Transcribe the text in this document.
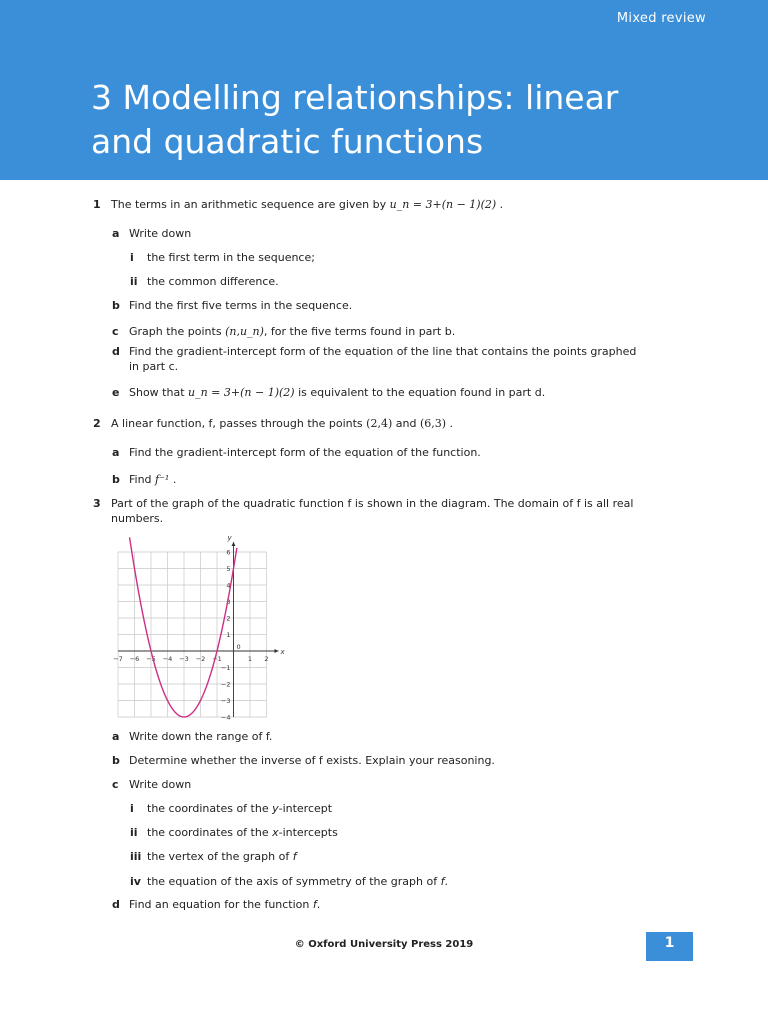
Mixed review
3 Modelling relationships: linear
and quadratic functions
1 The terms in an arithmetic sequence are given by u_n = 3+(n − 1)(2) .
a Write down
i the first term in the sequence;
ii the common difference.
b Find the first five terms in the sequence.
c Graph the points (n,u_n), for the five terms found in part b.
d Find the gradient-intercept form of the equation of the line that contains the points graphed
in part c.
e Show that u_n = 3+(n − 1)(2) is equivalent to the equation found in part d.
2 A linear function, f, passes through the points (2,4) and (6,3) .
a Find the gradient-intercept form of the equation of the function.
b Find f⁻¹ .
3 Part of the graph of the quadratic function f is shown in the diagram. The domain of f is all real
numbers.
x
y
−7 −6 −5 −4 −3 −2 −1	1 2
6
5
4
3
2
1
−1
−2
−3
−4
0
a Write down the range of f.
b Determine whether the inverse of f exists. Explain your reasoning.
c Write down
i the coordinates of the y-intercept
ii the coordinates of the x-intercepts
iii the vertex of the graph of f
iv the equation of the axis of symmetry of the graph of f.
d Find an equation for the function f.
© Oxford University Press 2019	1
